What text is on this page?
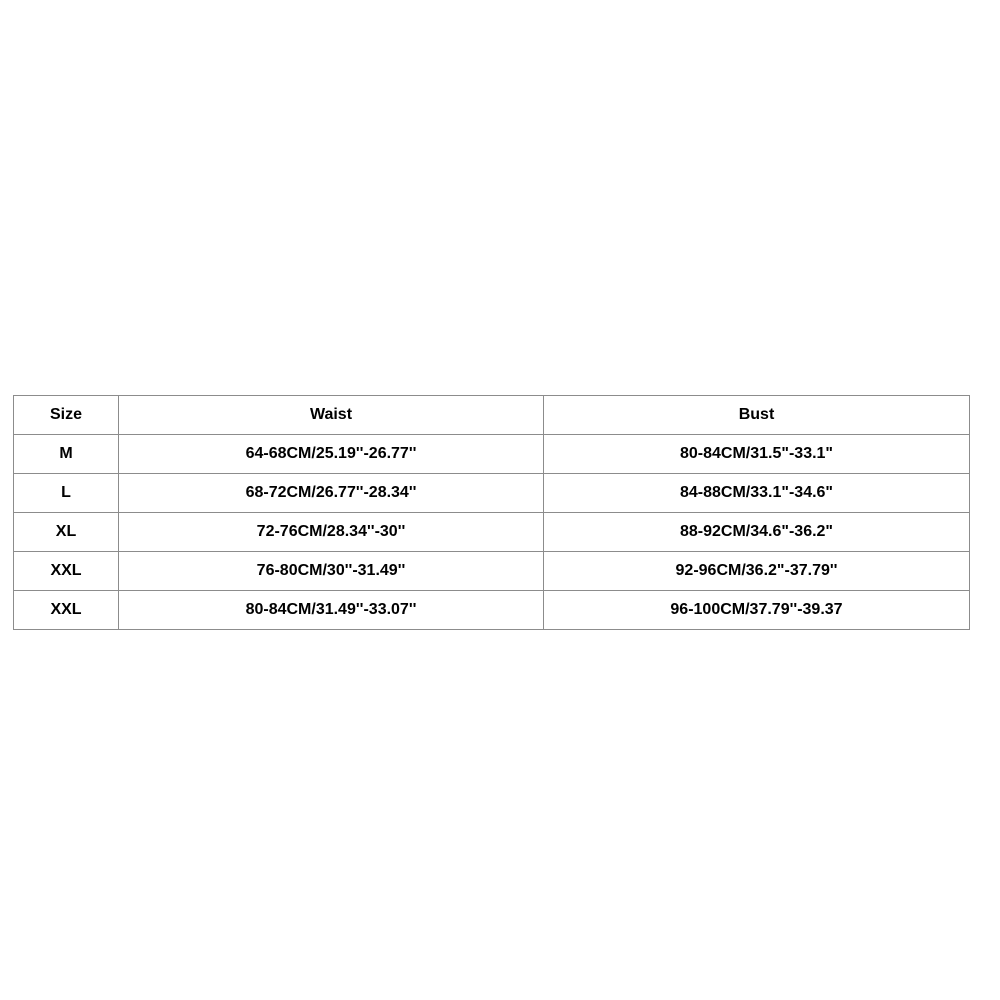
Size	Waist	Bust
M	64-68CM/25.19''-26.77''	80-84CM/31.5"-33.1"
L	68-72CM/26.77''-28.34''	84-88CM/33.1"-34.6"
XL	72-76CM/28.34''-30''	88-92CM/34.6"-36.2"
XXL	76-80CM/30''-31.49''	92-96CM/36.2"-37.79''
XXL	80-84CM/31.49''-33.07''	96-100CM/37.79''-39.37
